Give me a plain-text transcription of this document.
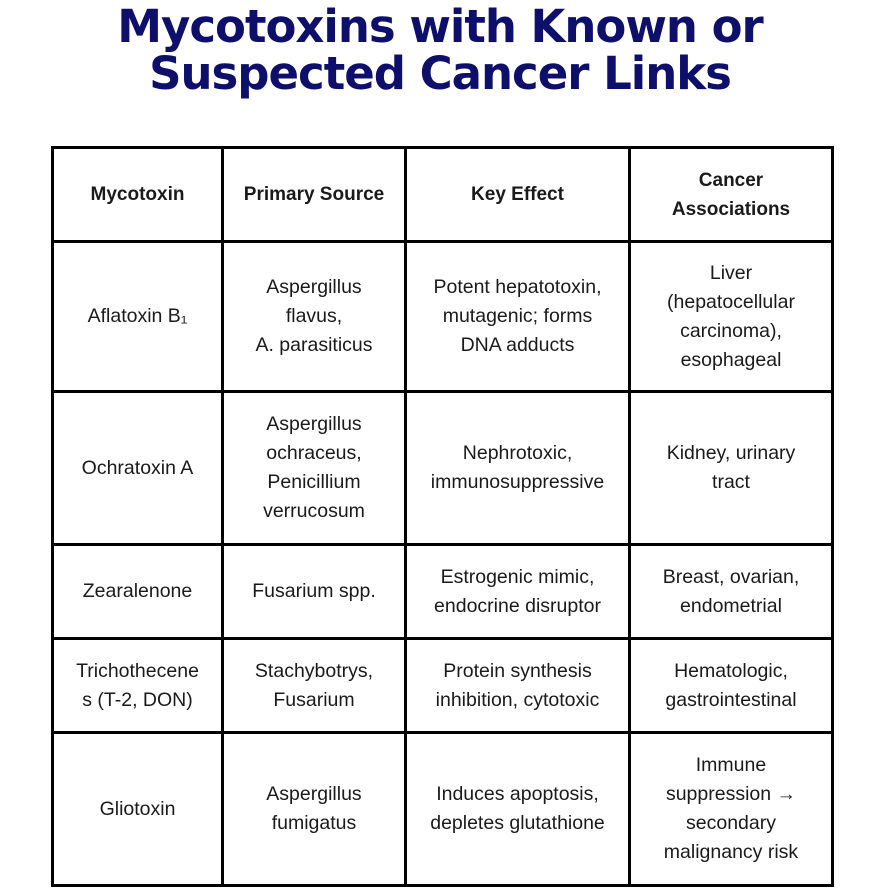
Mycotoxins with Known or
Suspected Cancer Links
Mycotoxin	Primary Source	Key Effect	Cancer
Associations

Aflatoxin B₁	Aspergillus
flavus,
A. parasiticus	Potent hepatotoxin,
mutagenic; forms
DNA adducts	Liver
(hepatocellular
carcinoma),
esophageal

Ochratoxin A	Aspergillus
ochraceus,
Penicillium
verrucosum	Nephrotoxic,
immunosuppressive	Kidney, urinary
tract

Zearalenone	Fusarium spp.	Estrogenic mimic,
endocrine disruptor	Breast, ovarian,
endometrial

Trichothecene
s (T-2, DON)	Stachybotrys,
Fusarium	Protein synthesis
inhibition, cytotoxic	Hematologic,
gastrointestinal

Gliotoxin	Aspergillus
fumigatus	Induces apoptosis,
depletes glutathione	Immune
suppression →
secondary
malignancy risk
